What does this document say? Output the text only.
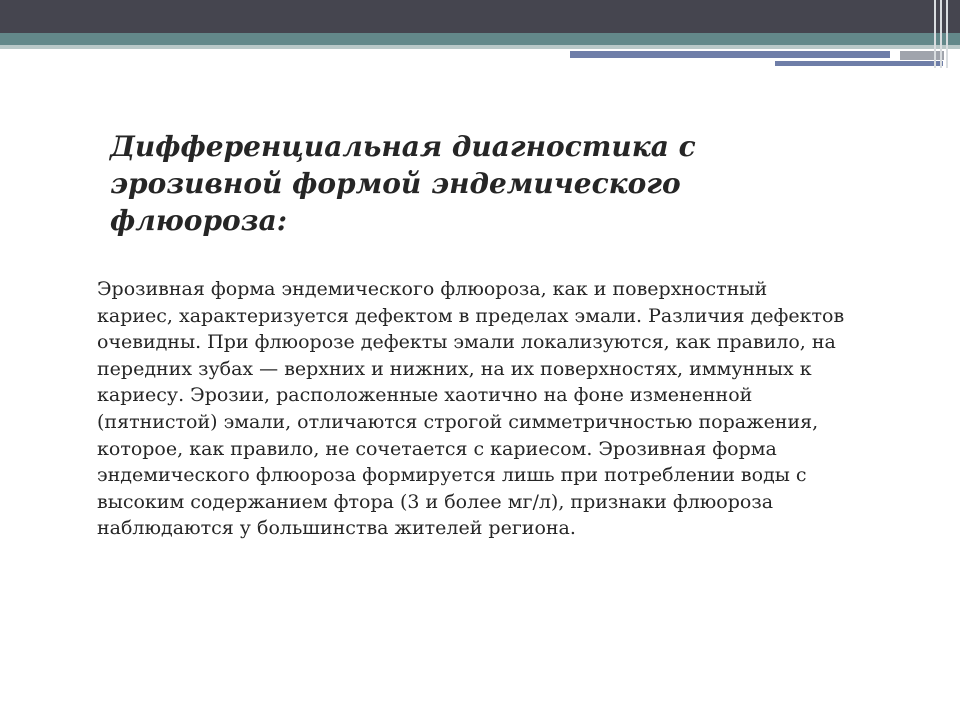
Дифференциальная диагностика с эрозивной формой эндемического флюороза:

Эрозивная форма эндемического флюороза, как и поверхностный кариес, характеризуется дефектом в пределах эмали. Различия дефектов очевидны. При флюорозе дефекты эмали локализуются, как правило, на передних зубах — верхних и нижних, на их поверхностях, иммунных к кариесу. Эрозии, расположенные хаотично на фоне измененной (пятнистой) эмали, отличаются строгой симметричностью поражения, которое, как правило, не сочетается с кариесом. Эрозивная форма эндемического флюороза формируется лишь при потреблении воды с высоким содержанием фтора (3 и более мг/л), признаки флюороза наблюдаются у большинства жителей региона.
